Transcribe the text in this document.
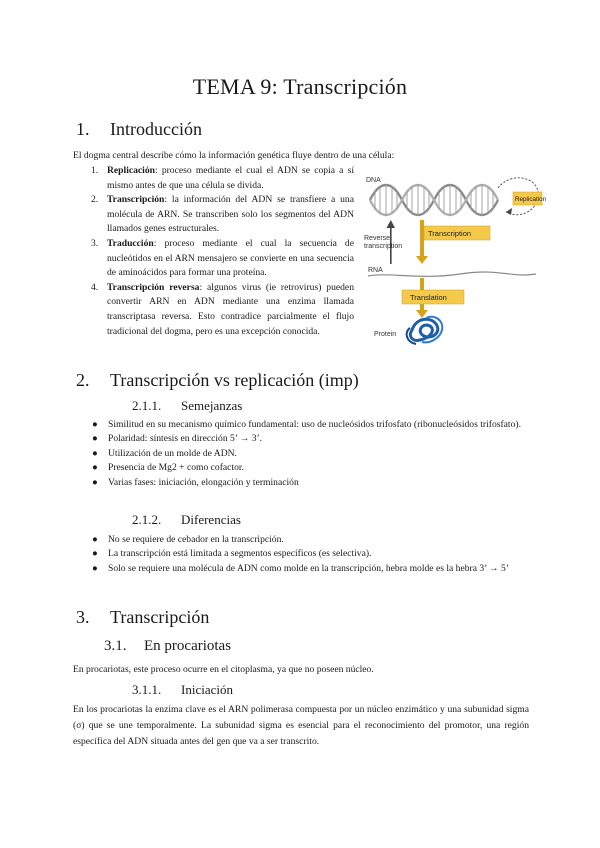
TEMA 9: Transcripción
1. Introducción
El dogma central describe cómo la información genética fluye dentro de una célula:
1. Replicación: proceso mediante el cual el ADN se copia a sí mismo antes de que una célula se divida.
2. Transcripción: la información del ADN se transfiere a una molécula de ARN. Se transcriben solo los segmentos del ADN llamados genes estructurales.
3. Traducción: proceso mediante el cual la secuencia de nucleótidos en el ARN mensajero se convierte en una secuencia de aminoácidos para formar una proteína.
4. Transcripción reversa: algunos virus (ie retrovirus) pueden convertir ARN en ADN mediante una enzima llamada transcriptasa reversa. Esto contradice parcialmente el flujo tradicional del dogma, pero es una excepción conocida.
DNA
Replication
Reverse
transcription
Transcription
RNA
Translation
Protein
2. Transcripción vs replicación (imp)
2.1.1. Semejanzas
● Similitud en su mecanismo químico fundamental: uso de nucleósidos trifosfato (ribonucleósidos trifosfato).
● Polaridad: síntesis en dirección 5’ → 3’.
● Utilización de un molde de ADN.
● Presencia de Mg2 + como cofactor.
● Varias fases: iniciación, elongación y terminación
2.1.2. Diferencias
● No se requiere de cebador en la transcripción.
● La transcripción está limitada a segmentos específicos (es selectiva).
● Solo se requiere una molécula de ADN como molde en la transcripción, hebra molde es la hebra 3’ → 5’
3. Transcripción
3.1. En procariotas
En procariotas, este proceso ocurre en el citoplasma, ya que no poseen núcleo.
3.1.1. Iniciación
En los procariotas la enzima clave es el ARN polimerasa compuesta por un núcleo enzimático y una subunidad sigma (σ) que se une temporalmente. La subunidad sigma es esencial para el reconocimiento del promotor, una región específica del ADN situada antes del gen que va a ser transcrito.
